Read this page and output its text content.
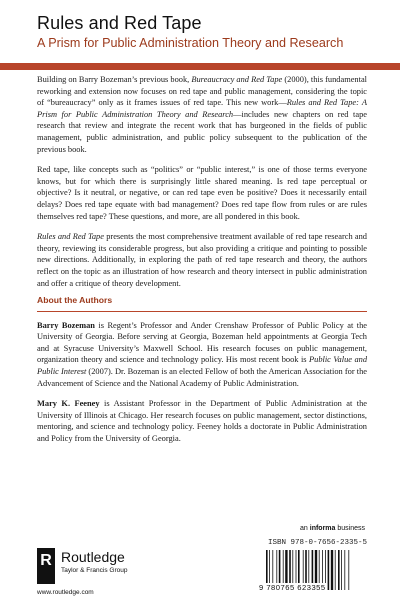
Rules and Red Tape
A Prism for Public Administration Theory and Research

Building on Barry Bozeman’s previous book, Bureaucracy and Red Tape (2000), this fundamental reworking and extension now focuses on red tape and public management, considering the topic of “bureaucracy” only as it frames issues of red tape. This new work—Rules and Red Tape: A Prism for Public Administration Theory and Research—includes new chapters on red tape research that review and integrate the recent work that has burgeoned in the fields of public management, public administration, and public policy subsequent to the publication of the previous book.

Red tape, like concepts such as “politics” or “public interest,” is one of those terms everyone knows, but for which there is surprisingly little shared meaning. Is red tape perceptual or objective? Is it neutral, or negative, or can red tape even be positive? Does it necessarily entail delays? Does red tape equate with bad management? Does red tape flow from rules or are rules themselves red tape? These questions, and more, are all pondered in this book.

Rules and Red Tape presents the most comprehensive treatment available of red tape research and theory, reviewing its considerable progress, but also providing a critique and pointing to possible new directions. Additionally, in exploring the path of red tape research and theory, the authors reflect on the topic as an illustration of how research and theory intersect in public administration and offer a critique of theory development.

About the Authors

Barry Bozeman is Regent’s Professor and Ander Crenshaw Professor of Public Policy at the University of Georgia. Before serving at Georgia, Bozeman held appointments at Georgia Tech and at Syracuse University’s Maxwell School. His research focuses on public management, organization theory and science and technology policy. His most recent book is Public Value and Public Interest (2007). Dr. Bozeman is an elected Fellow of both the American Association for the Advancement of Science and the National Academy of Public Administration.

Mary K. Feeney is Assistant Professor in the Department of Public Administration at the University of Illinois at Chicago. Her research focuses on public management, sector distinctions, mentoring, and science and technology policy. Feeney holds a doctorate in Public Administration and Policy from the University of Georgia.

an informa business
R Routledge
Taylor & Francis Group
www.routledge.com
ISBN 978-0-7656-2335-5
9 780765 623355
